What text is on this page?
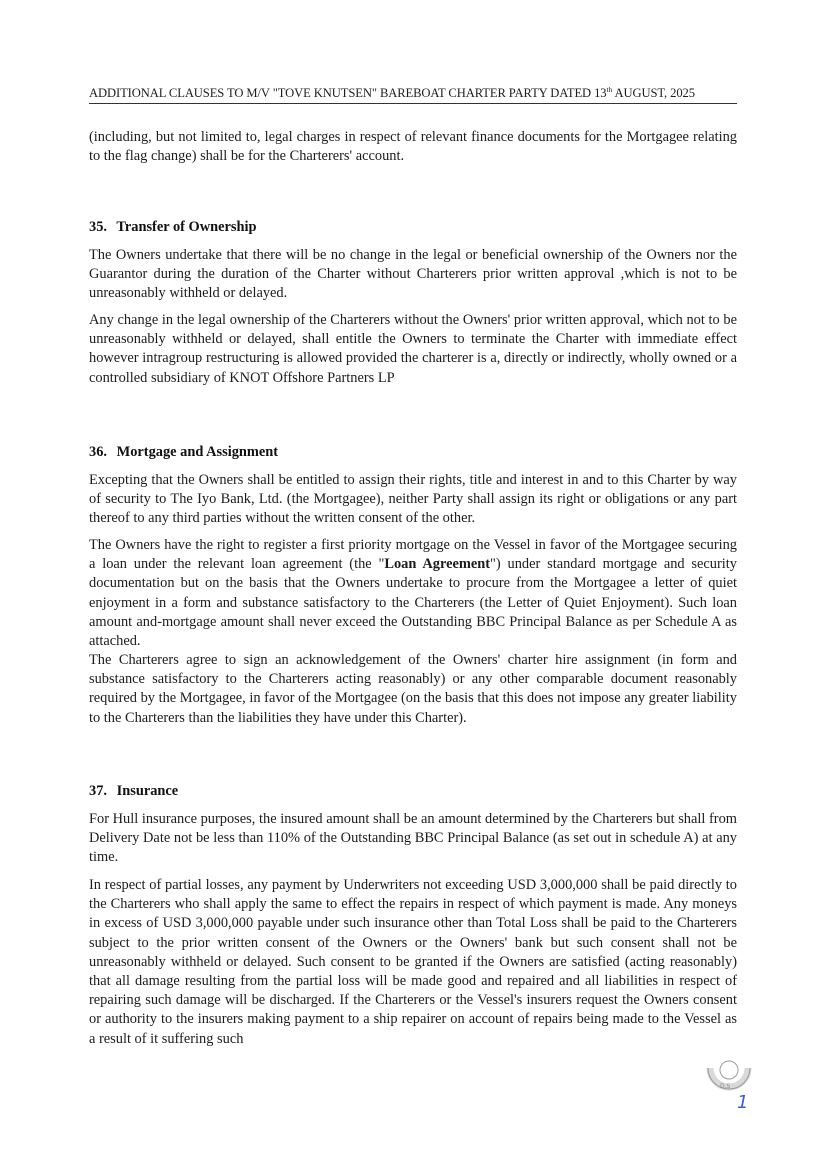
ADDITIONAL CLAUSES TO M/V "TOVE KNUTSEN" BAREBOAT CHARTER PARTY DATED 13th AUGUST, 2025

(including, but not limited to, legal charges in respect of relevant finance documents for the Mortgagee relating to the flag change) shall be for the Charterers' account.

35. Transfer of Ownership

The Owners undertake that there will be no change in the legal or beneficial ownership of the Owners nor the Guarantor during the duration of the Charter without Charterers prior written approval ,which is not to be unreasonably withheld or delayed.

Any change in the legal ownership of the Charterers without the Owners' prior written approval, which not to be unreasonably withheld or delayed, shall entitle the Owners to terminate the Charter with immediate effect however intragroup restructuring is allowed provided the charterer is a, directly or indirectly, wholly owned or a controlled subsidiary of KNOT Offshore Partners LP

36. Mortgage and Assignment

Excepting that the Owners shall be entitled to assign their rights, title and interest in and to this Charter by way of security to The Iyo Bank, Ltd. (the Mortgagee), neither Party shall assign its right or obligations or any part thereof to any third parties without the written consent of the other.

The Owners have the right to register a first priority mortgage on the Vessel in favor of the Mortgagee securing a loan under the relevant loan agreement (the "Loan Agreement") under standard mortgage and security documentation but on the basis that the Owners undertake to procure from the Mortgagee a letter of quiet enjoyment in a form and substance satisfactory to the Charterers (the Letter of Quiet Enjoyment). Such loan amount and-mortgage amount shall never exceed the Outstanding BBC Principal Balance as per Schedule A as attached.

The Charterers agree to sign an acknowledgement of the Owners' charter hire assignment (in form and substance satisfactory to the Charterers acting reasonably) or any other comparable document reasonably required by the Mortgagee, in favor of the Mortgagee (on the basis that this does not impose any greater liability to the Charterers than the liabilities they have under this Charter).

37. Insurance

For Hull insurance purposes, the insured amount shall be an amount determined by the Charterers but shall from Delivery Date not be less than 110% of the Outstanding BBC Principal Balance (as set out in schedule A) at any time.

In respect of partial losses, any payment by Underwriters not exceeding USD 3,000,000 shall be paid directly to the Charterers who shall apply the same to effect the repairs in respect of which payment is made. Any moneys in excess of USD 3,000,000 payable under such insurance other than Total Loss shall be paid to the Charterers subject to the prior written consent of the Owners or the Owners' bank but such consent shall not be unreasonably withheld or delayed. Such consent to be granted if the Owners are satisfied (acting reasonably) that all damage resulting from the partial loss will be made good and repaired and all liabilities in respect of repairing such damage will be discharged. If the Charterers or the Vessel's insurers request the Owners consent or authority to the insurers making payment to a ship repairer on account of repairs being made to the Vessel as a result of it suffering such

D.S
1
